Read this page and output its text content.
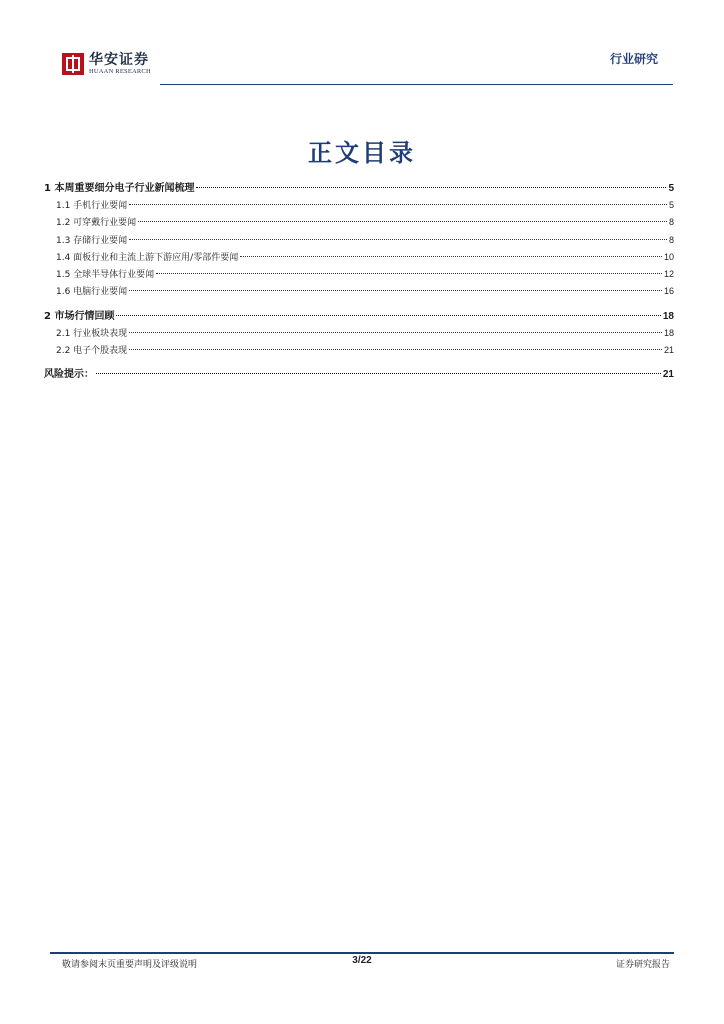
华安证券
HUAAN RESEARCH
行业研究
正文目录
1 本周重要细分电子行业新闻梳理	5
1.1 手机行业要闻	5
1.2 可穿戴行业要闻	8
1.3 存储行业要闻	8
1.4 面板行业和主流上游下游应用/零部件要闻	10
1.5 全球半导体行业要闻	12
1.6 电脑行业要闻	16
2 市场行情回顾	18
2.1 行业板块表现	18
2.2 电子个股表现	21
风险提示：	21
敬请参阅末页重要声明及评级说明	3/22	证券研究报告
